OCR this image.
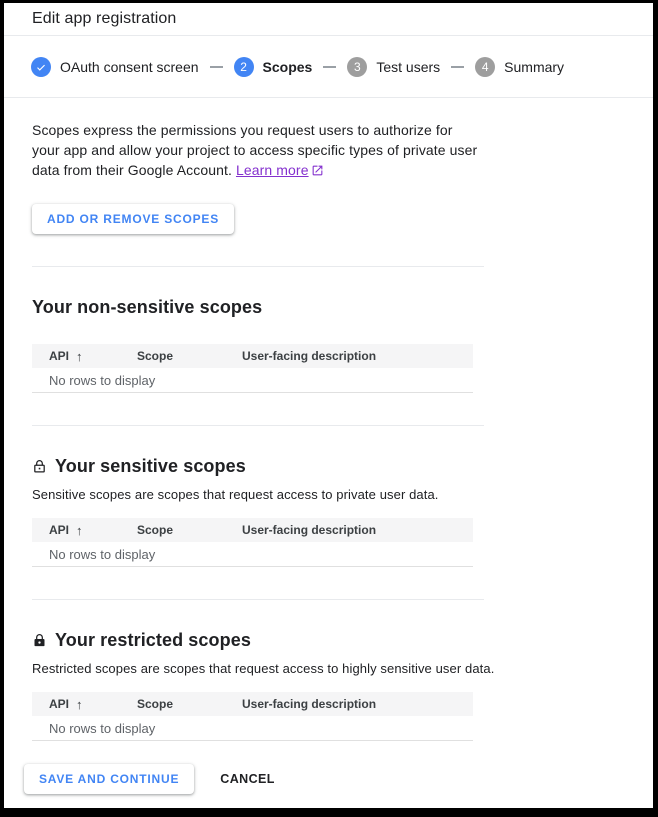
Edit app registration
OAuth consent screen	2	Scopes	3	Test users	4	Summary

Scopes express the permissions you request users to authorize for your app and allow your project to access specific types of private user data from their Google Account. Learn more

ADD OR REMOVE SCOPES
Your non-sensitive scopes
API ↑	Scope	User-facing description
No rows to display
Your sensitive scopes

Sensitive scopes are scopes that request access to private user data.

API ↑	Scope	User-facing description
No rows to display
Your restricted scopes

Restricted scopes are scopes that request access to highly sensitive user data.

API ↑	Scope	User-facing description
No rows to display
SAVE AND CONTINUE	CANCEL
